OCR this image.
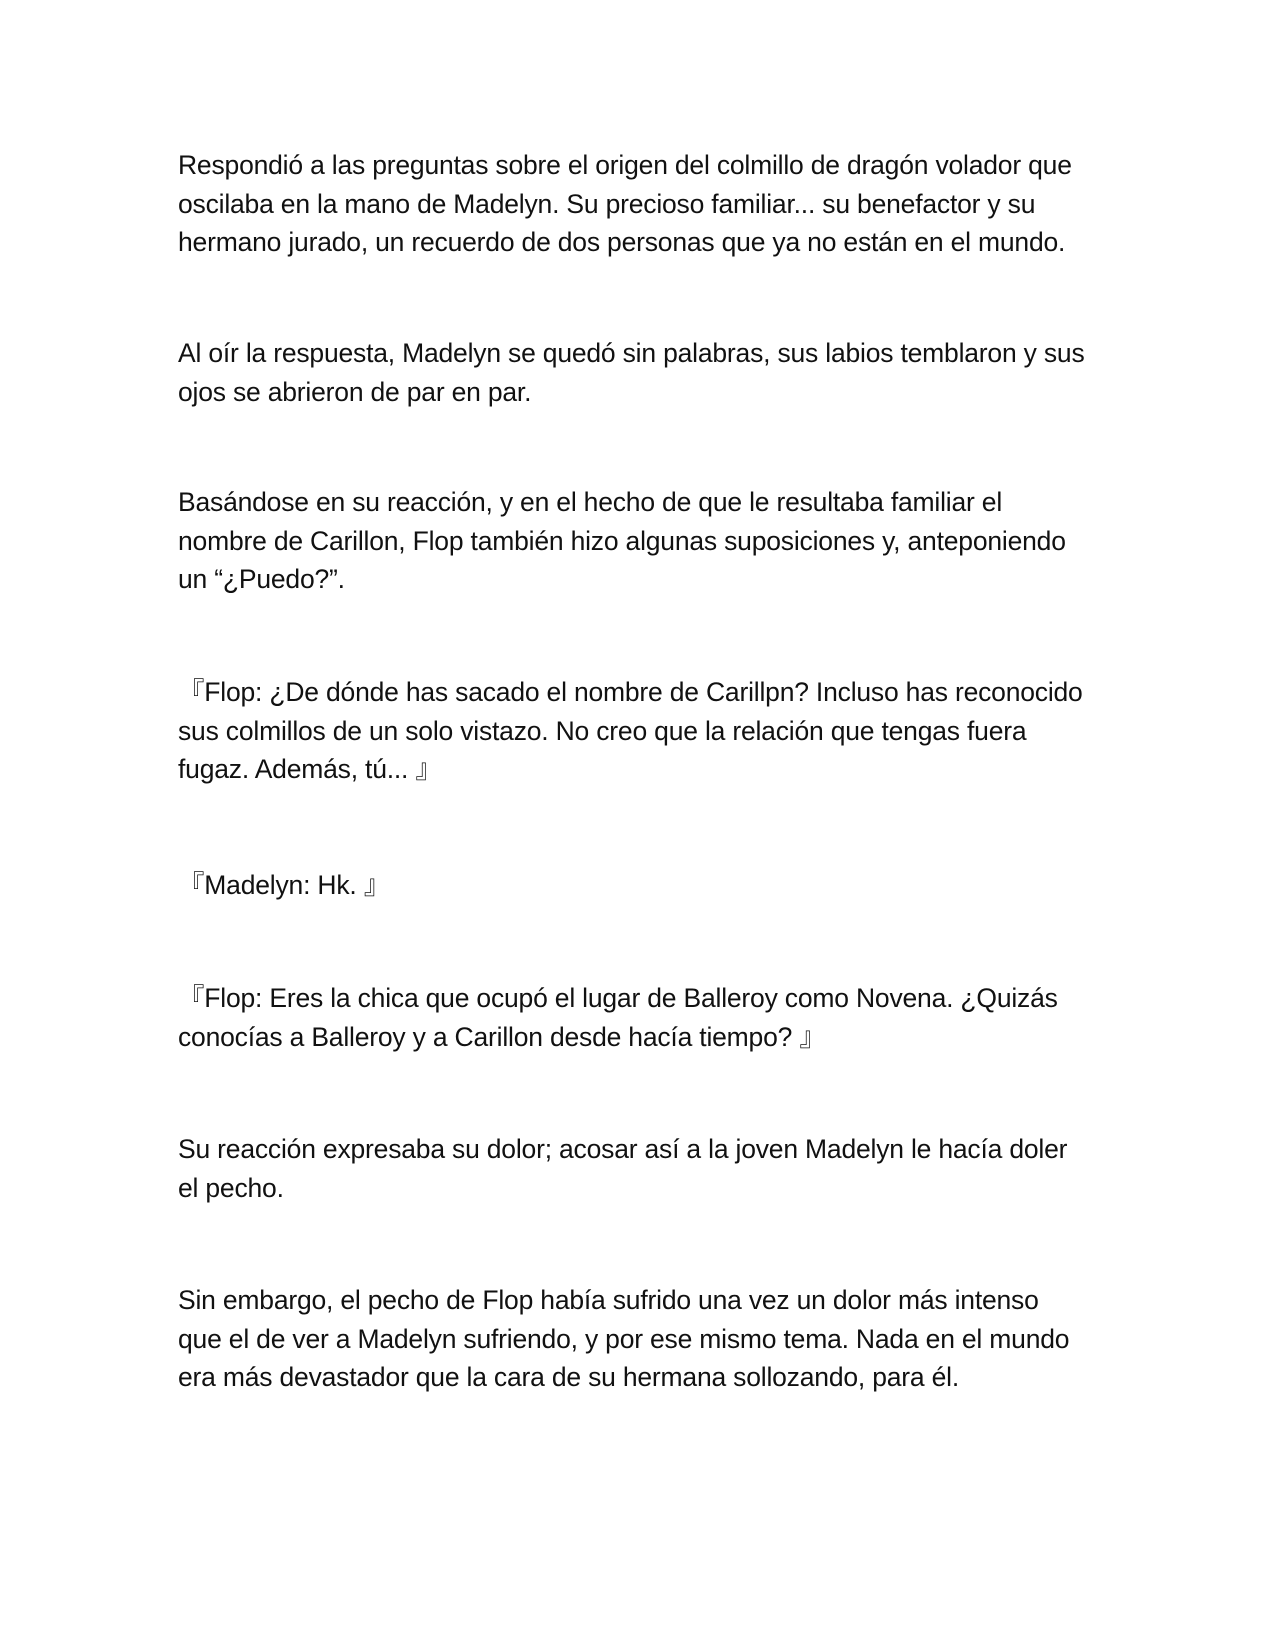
Respondió a las preguntas sobre el origen del colmillo de dragón volador que
oscilaba en la mano de Madelyn. Su precioso familiar... su benefactor y su
hermano jurado, un recuerdo de dos personas que ya no están en el mundo.

Al oír la respuesta, Madelyn se quedó sin palabras, sus labios temblaron y sus
ojos se abrieron de par en par.

Basándose en su reacción, y en el hecho de que le resultaba familiar el
nombre de Carillon, Flop también hizo algunas suposiciones y, anteponiendo
un “¿Puedo?”.

『Flop: ¿De dónde has sacado el nombre de Carillpn? Incluso has reconocido
sus colmillos de un solo vistazo. No creo que la relación que tengas fuera
fugaz. Además, tú... 』

『Madelyn: Hk. 』

『Flop: Eres la chica que ocupó el lugar de Balleroy como Novena. ¿Quizás
conocías a Balleroy y a Carillon desde hacía tiempo? 』

Su reacción expresaba su dolor; acosar así a la joven Madelyn le hacía doler
el pecho.

Sin embargo, el pecho de Flop había sufrido una vez un dolor más intenso
que el de ver a Madelyn sufriendo, y por ese mismo tema. Nada en el mundo
era más devastador que la cara de su hermana sollozando, para él.
